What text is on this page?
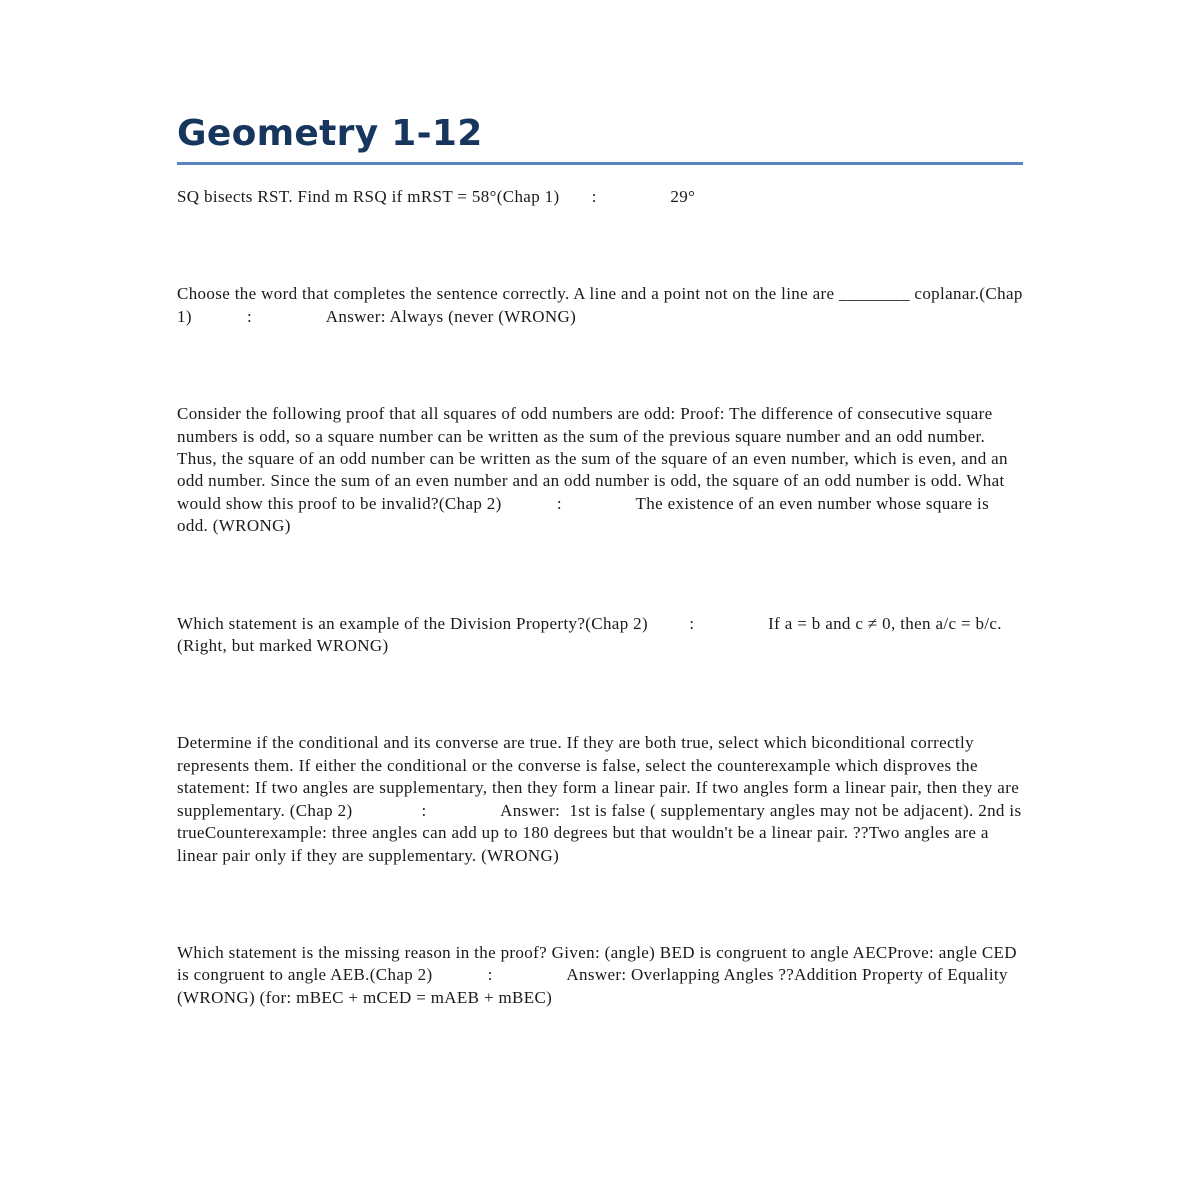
Geometry 1-12

SQ bisects RST. Find m RSQ if mRST = 58°(Chap 1)       :                29°

Choose the word that completes the sentence correctly. A line and a point not on the line are ________ coplanar.(Chap 1)            :                Answer: Always (never (WRONG)

Consider the following proof that all squares of odd numbers are odd: Proof: The difference of consecutive square numbers is odd, so a square number can be written as the sum of the previous square number and an odd number. Thus, the square of an odd number can be written as the sum of the square of an even number, which is even, and an odd number. Since the sum of an even number and an odd number is odd, the square of an odd number is odd. What would show this proof to be invalid?(Chap 2)            :                The existence of an even number whose square is odd. (WRONG)

Which statement is an example of the Division Property?(Chap 2)         :                If a = b and c ≠ 0, then a/c = b/c. (Right, but marked WRONG)

Determine if the conditional and its converse are true. If they are both true, select which biconditional correctly represents them. If either the conditional or the converse is false, select the counterexample which disproves the statement: If two angles are supplementary, then they form a linear pair. If two angles form a linear pair, then they are supplementary. (Chap 2)               :                Answer:  1st is false ( supplementary angles may not be adjacent). 2nd is trueCounterexample: three angles can add up to 180 degrees but that wouldn't be a linear pair. ??Two angles are a linear pair only if they are supplementary. (WRONG)

Which statement is the missing reason in the proof? Given: (angle) BED is congruent to angle AECProve: angle CED is congruent to angle AEB.(Chap 2)            :                Answer: Overlapping Angles ??Addition Property of Equality (WRONG) (for: mBEC + mCED = mAEB + mBEC)
